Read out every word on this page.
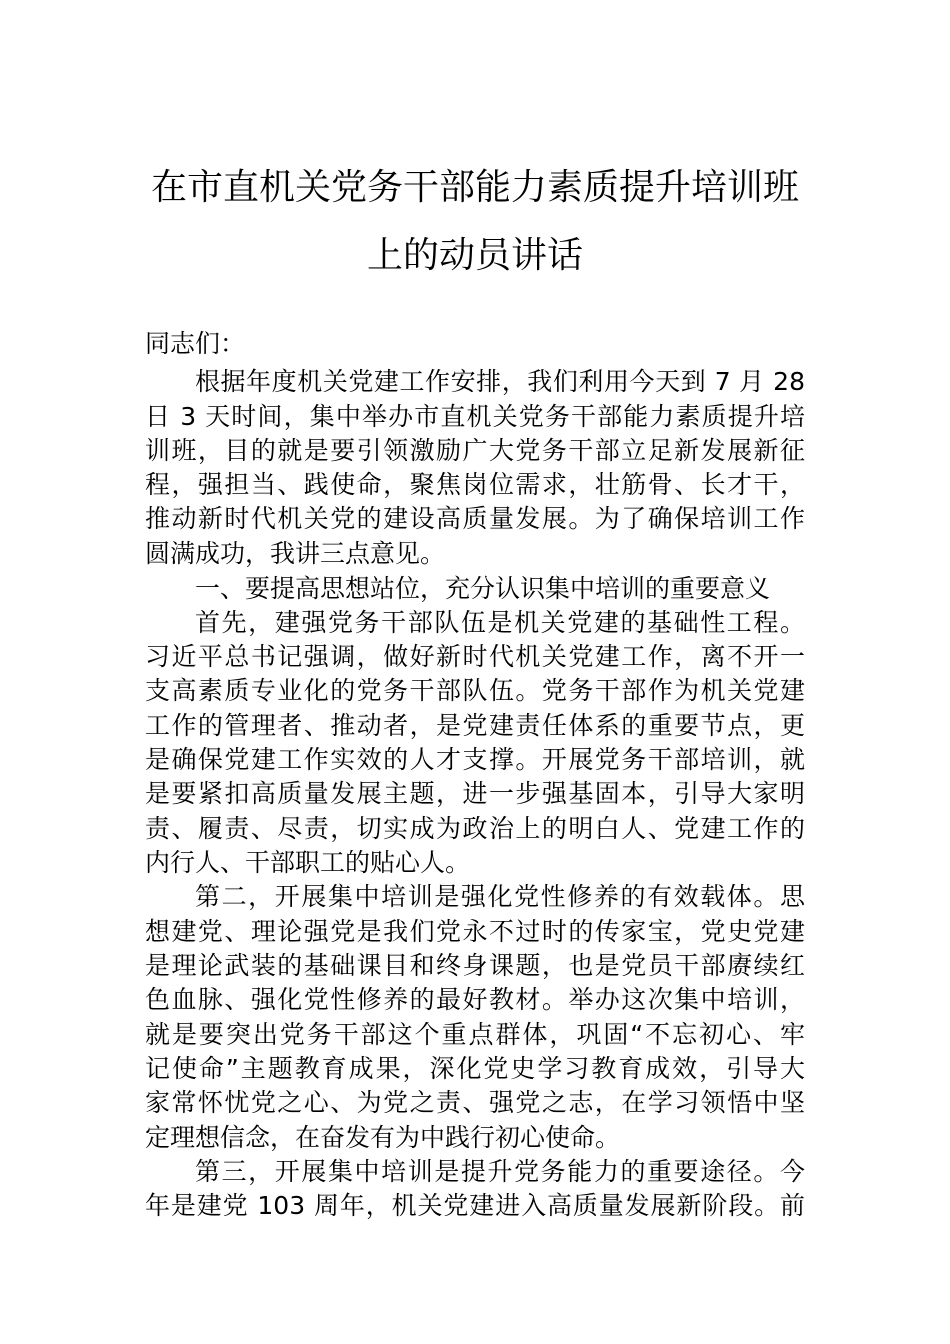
在市直机关党务干部能力素质提升培训班
上的动员讲话

同志们：

根据年度机关党建工作安排，我们利用今天到 7 月 28

日 3 天时间，集中举办市直机关党务干部能力素质提升培

训班，目的就是要引领激励广大党务干部立足新发展新征

程，强担当、践使命，聚焦岗位需求，壮筋骨、长才干，

推动新时代机关党的建设高质量发展。为了确保培训工作

圆满成功，我讲三点意见。

一、要提高思想站位，充分认识集中培训的重要意义

首先，建强党务干部队伍是机关党建的基础性工程。

习近平总书记强调，做好新时代机关党建工作，离不开一

支高素质专业化的党务干部队伍。党务干部作为机关党建

工作的管理者、推动者，是党建责任体系的重要节点，更

是确保党建工作实效的人才支撑。开展党务干部培训，就

是要紧扣高质量发展主题，进一步强基固本，引导大家明

责、履责、尽责，切实成为政治上的明白人、党建工作的

内行人、干部职工的贴心人。

第二，开展集中培训是强化党性修养的有效载体。思

想建党、理论强党是我们党永不过时的传家宝，党史党建

是理论武装的基础课目和终身课题，也是党员干部赓续红

色血脉、强化党性修养的最好教材。举办这次集中培训，

就是要突出党务干部这个重点群体，巩固“不忘初心、牢

记使命”主题教育成果，深化党史学习教育成效，引导大

家常怀忧党之心、为党之责、强党之志，在学习领悟中坚

定理想信念，在奋发有为中践行初心使命。

第三，开展集中培训是提升党务能力的重要途径。今

年是建党 103 周年，机关党建进入高质量发展新阶段。前
